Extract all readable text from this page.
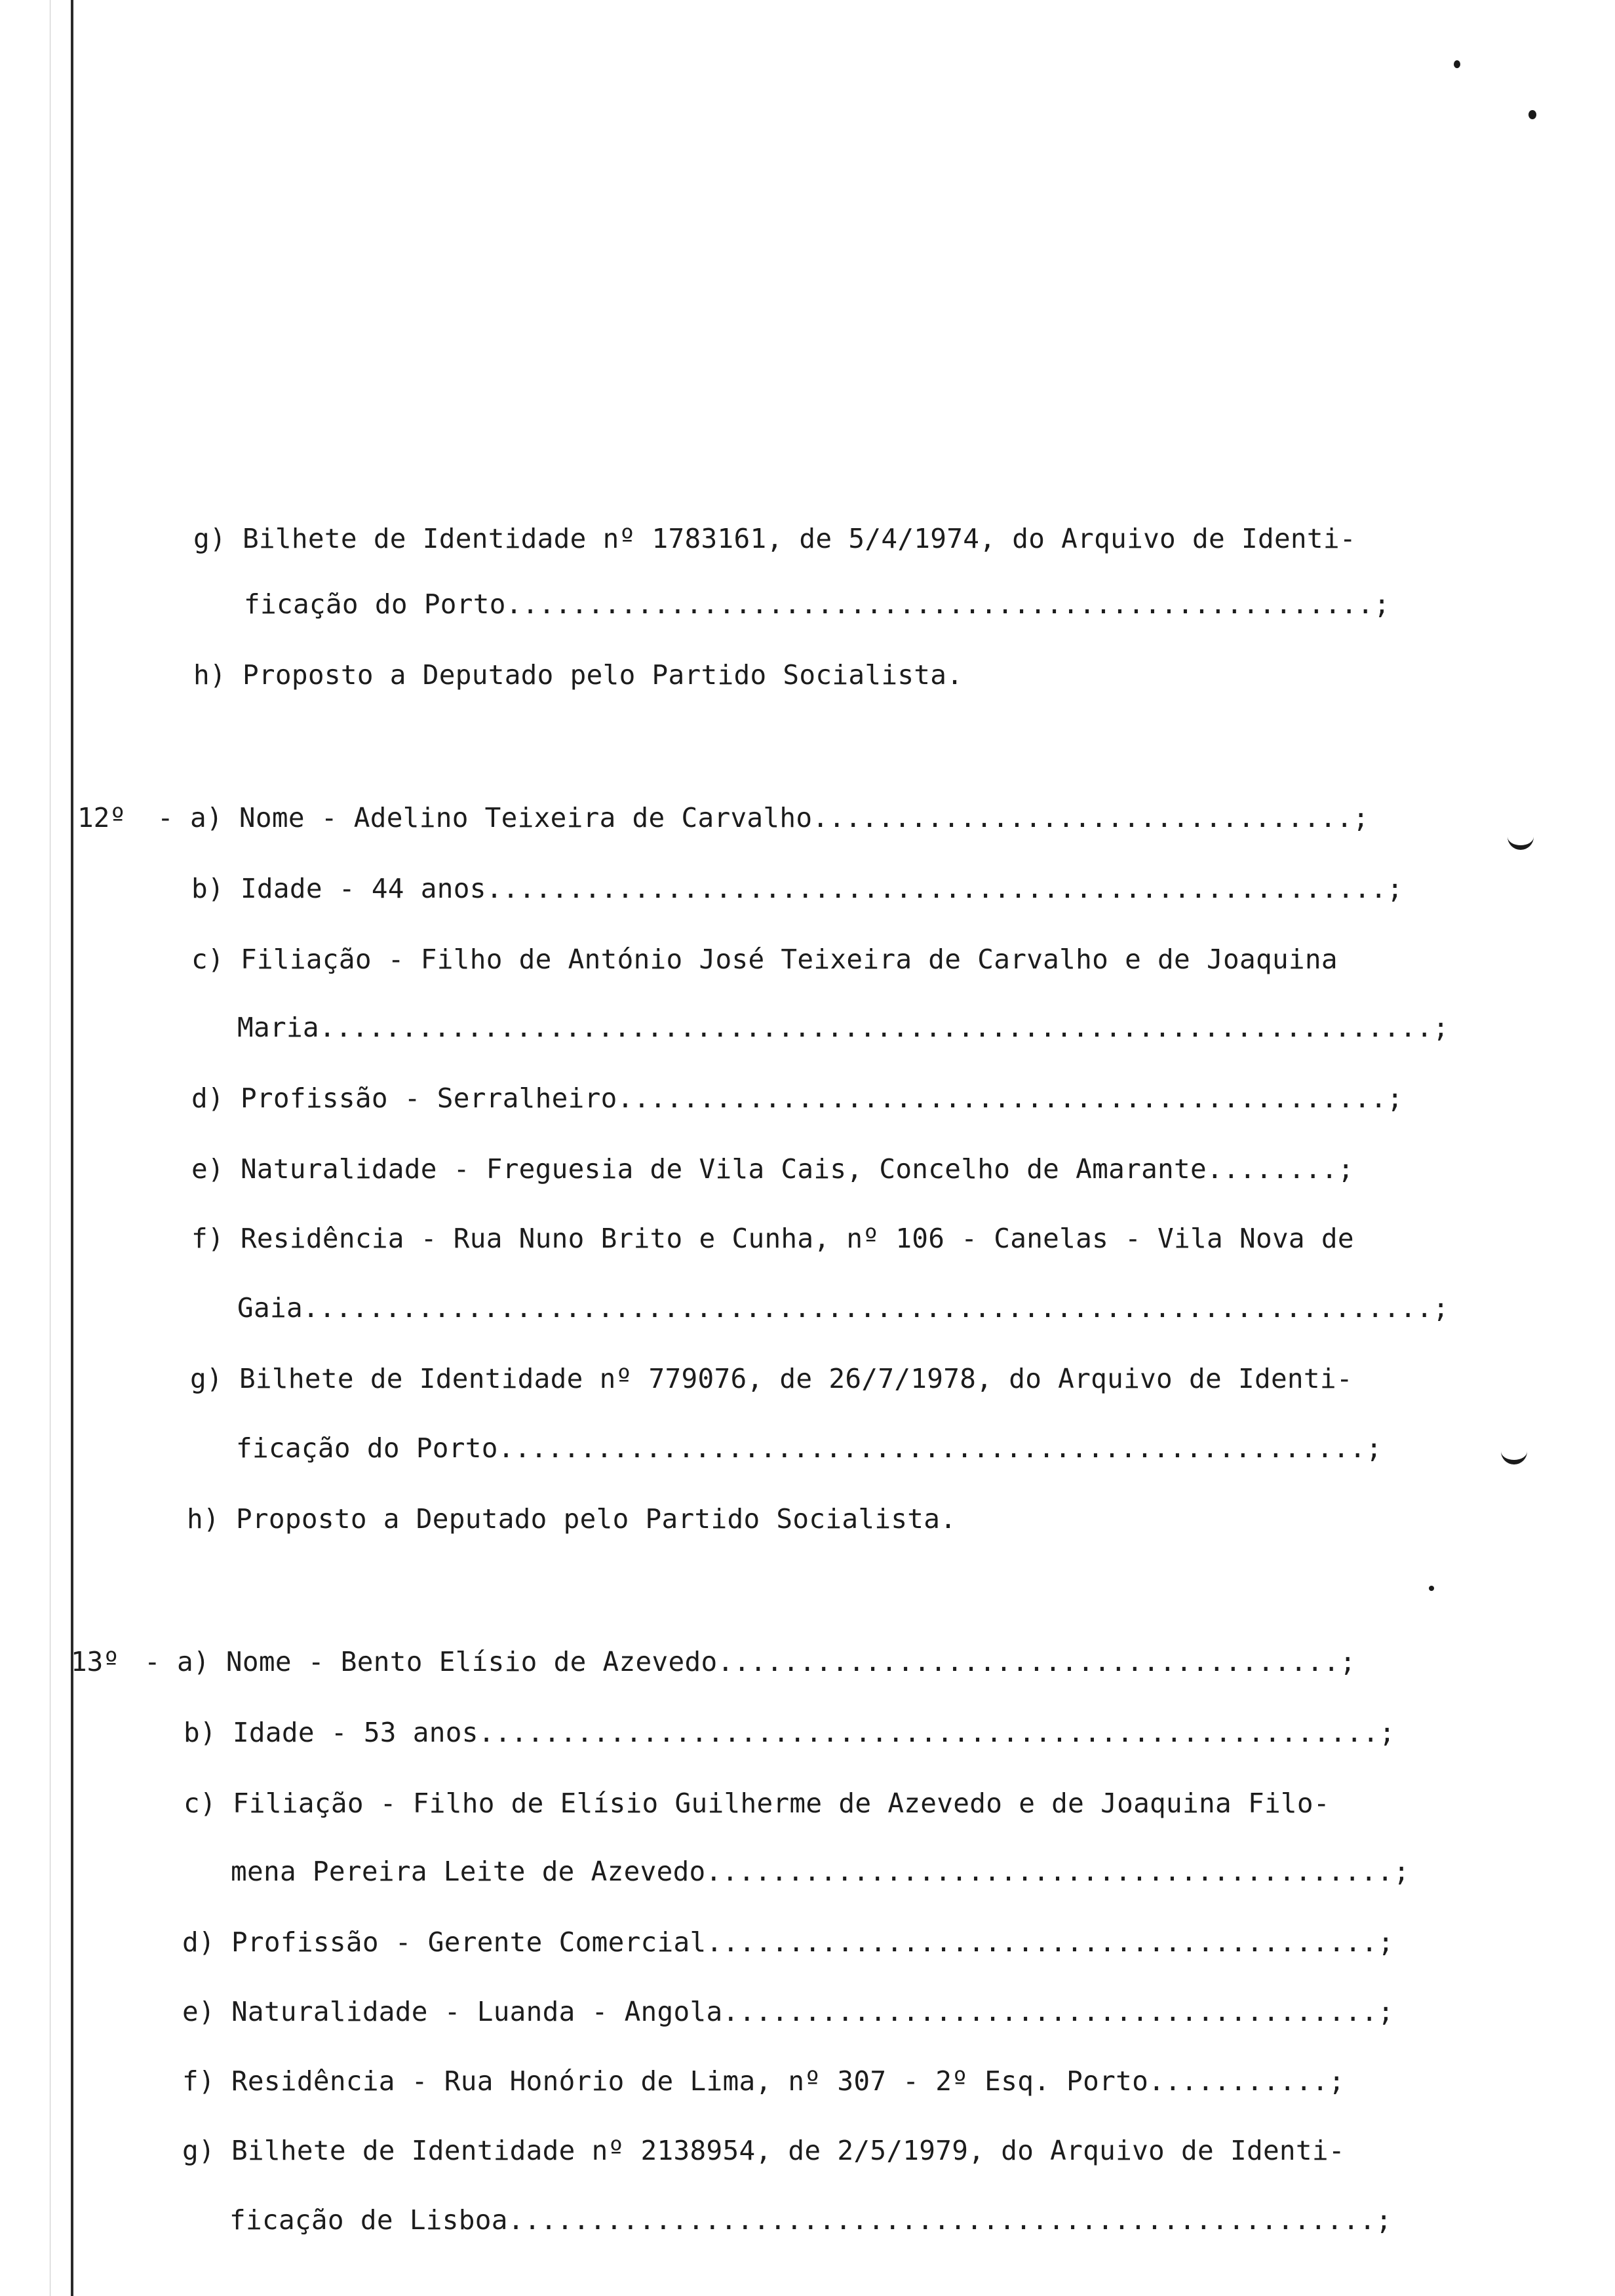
g) Bilhete de Identidade nº 1783161, de 5/4/1974, do Arquivo de Identi-
ficação do Porto.....................................................;
h) Proposto a Deputado pelo Partido Socialista.
12º - a) Nome - Adelino Teixeira de Carvalho.................................;
b) Idade - 44 anos.......................................................;
c) Filiação - Filho de António José Teixeira de Carvalho e de Joaquina
Maria....................................................................;
d) Profissão - Serralheiro...............................................;
e) Naturalidade - Freguesia de Vila Cais, Concelho de Amarante........;
f) Residência - Rua Nuno Brito e Cunha, nº 106 - Canelas - Vila Nova de
Gaia.....................................................................;
g) Bilhete de Identidade nº 779076, de 26/7/1978, do Arquivo de Identi-
ficação do Porto.....................................................;
h) Proposto a Deputado pelo Partido Socialista.
13º - a) Nome - Bento Elísio de Azevedo......................................;
b) Idade - 53 anos.......................................................;
c) Filiação - Filho de Elísio Guilherme de Azevedo e de Joaquina Filo-
mena Pereira Leite de Azevedo..........................................;
d) Profissão - Gerente Comercial.........................................;
e) Naturalidade - Luanda - Angola........................................;
f) Residência - Rua Honório de Lima, nº 307 - 2º Esq. Porto...........;
g) Bilhete de Identidade nº 2138954, de 2/5/1979, do Arquivo de Identi-
ficação de Lisboa.....................................................;
